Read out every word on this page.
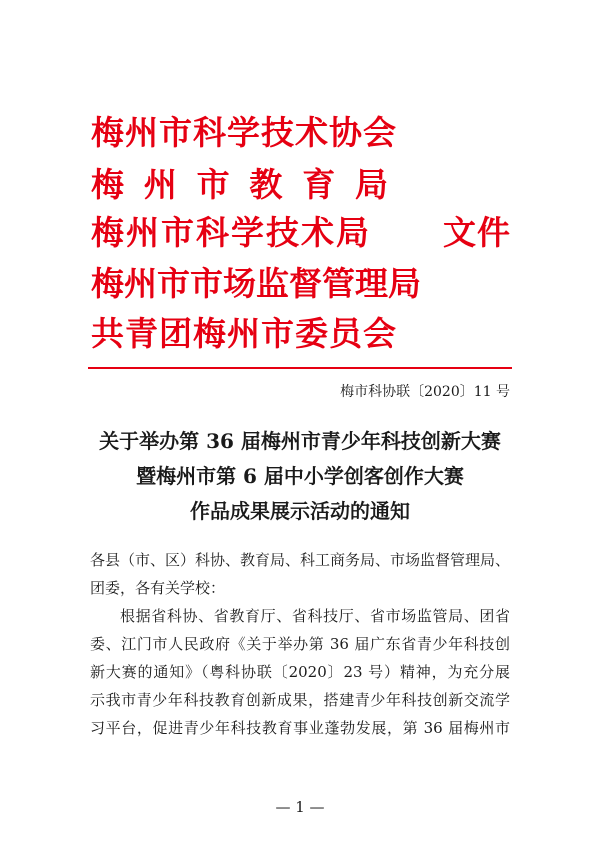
梅州市科学技术协会
梅州市教育局
梅州市科学技术局 文件
梅州市市场监督管理局
共青团梅州市委员会
梅市科协联〔2020〕11 号
关于举办第 36 届梅州市青少年科技创新大赛
暨梅州市第 6 届中小学创客创作大赛
作品成果展示活动的通知
各县（市、区）科协、教育局、科工商务局、市场监督管理局、
团委，各有关学校：
根据省科协、省教育厅、省科技厅、省市场监管局、团省
委、江门市人民政府《关于举办第 36 届广东省青少年科技创
新大赛的通知》（粤科协联〔2020〕23 号）精神，为充分展
示我市青少年科技教育创新成果，搭建青少年科技创新交流学
习平台，促进青少年科技教育事业蓬勃发展，第 36 届梅州市
— 1 —
